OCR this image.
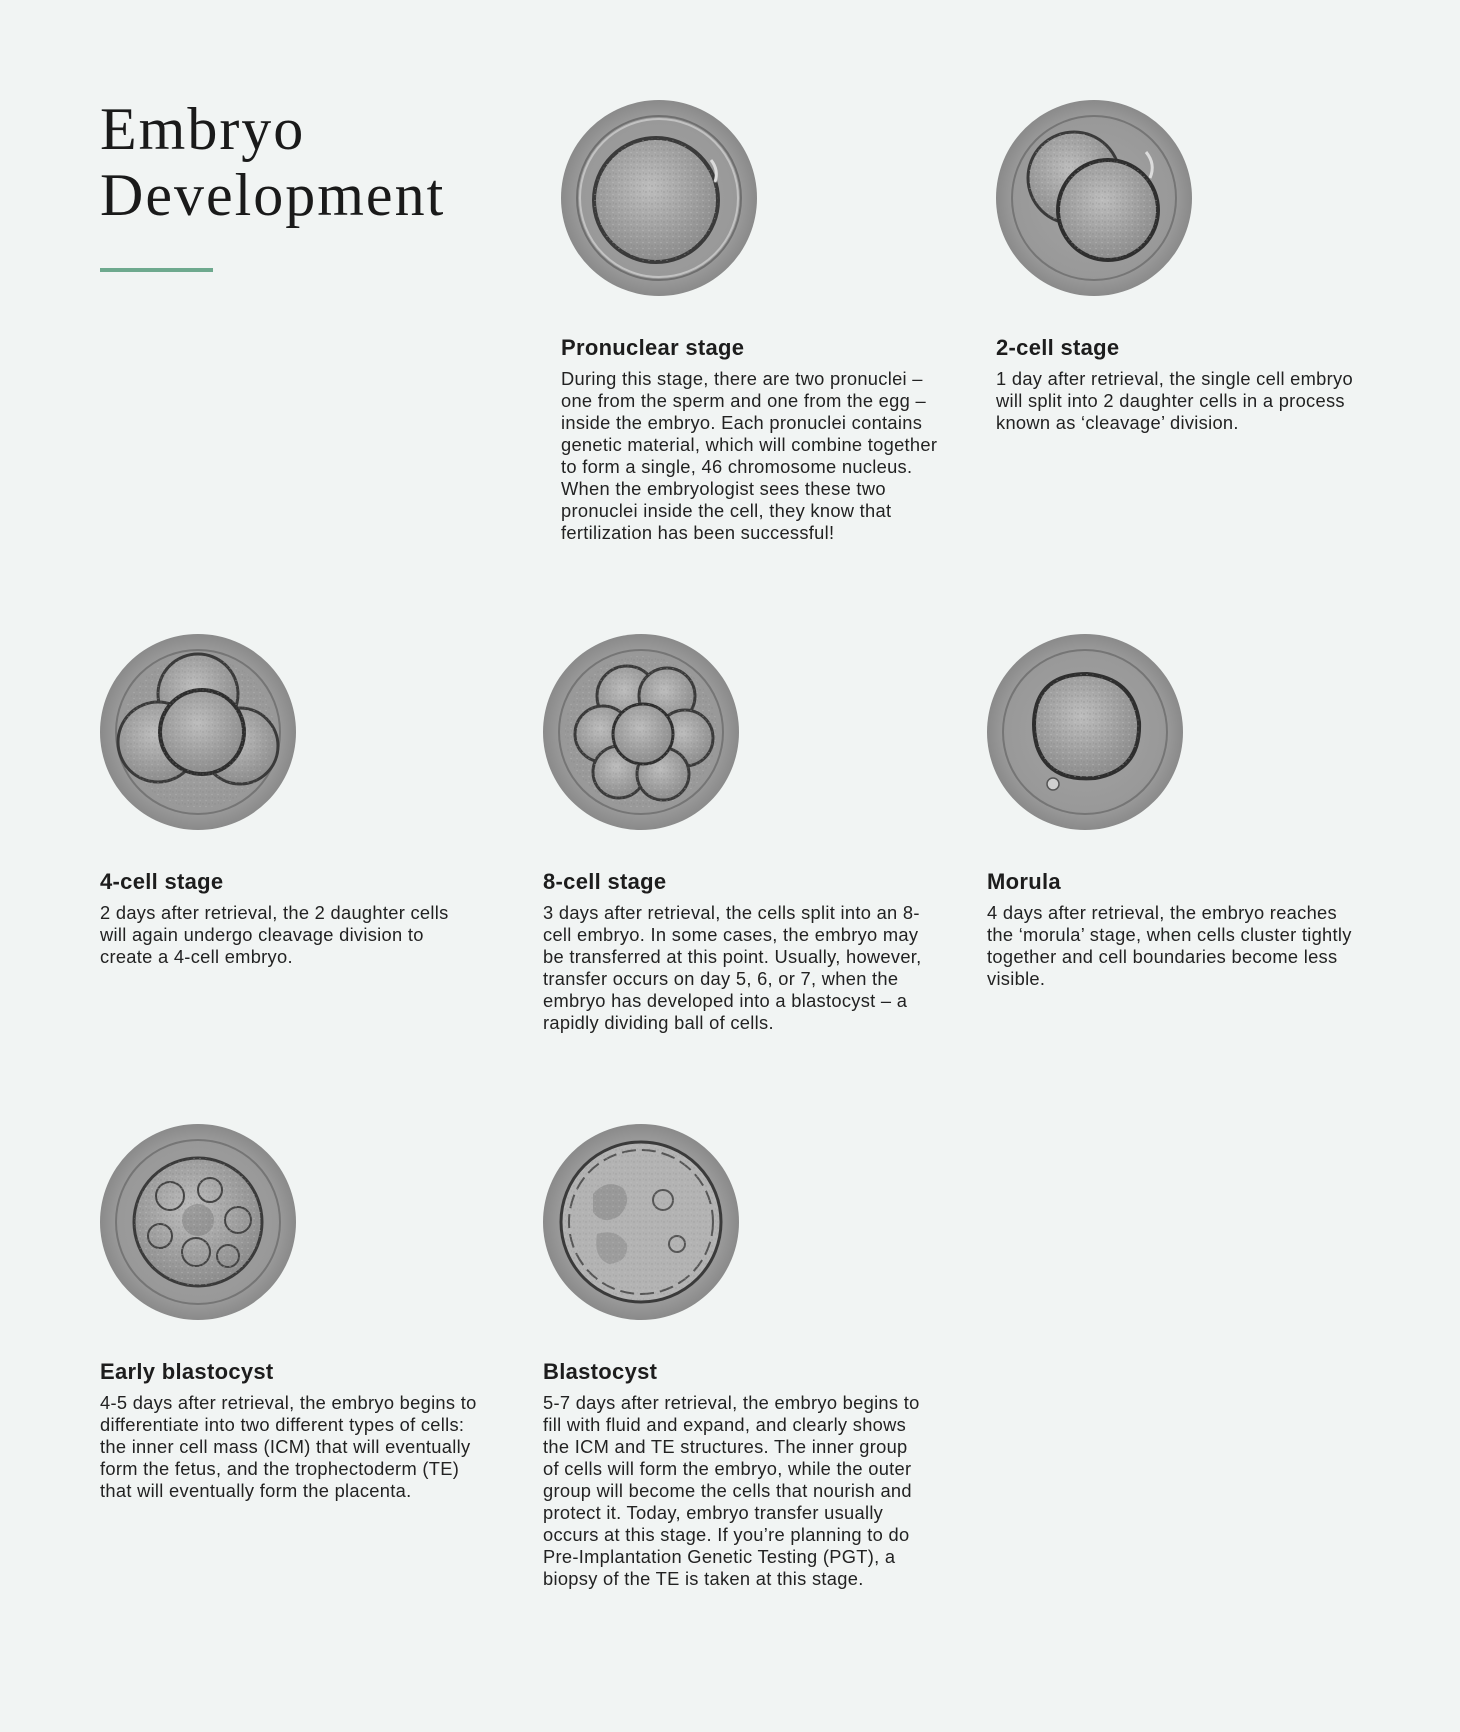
Embryo
Development
Pronuclear stage

During this stage, there are two pronuclei – one from the sperm and one from the egg – inside the embryo. Each pronuclei contains genetic material, which will combine together to form a single, 46 chromosome nucleus. When the embryologist sees these two pronuclei inside the cell, they know that fertilization has been successful!

2-cell stage

1 day after retrieval, the single cell embryo will split into 2 daughter cells in a process known as ‘cleavage’ division.

4-cell stage

2 days after retrieval, the 2 daughter cells will again undergo cleavage division to create a 4-cell embryo.

8-cell stage

3 days after retrieval, the cells split into an 8-cell embryo. In some cases, the embryo may be transferred at this point. Usually, however, transfer occurs on day 5, 6, or 7, when the embryo has developed into a blastocyst – a rapidly dividing ball of cells.

Morula

4 days after retrieval, the embryo reaches the ‘morula’ stage, when cells cluster tightly together and cell boundaries become less visible.

Early blastocyst

4-5 days after retrieval, the embryo begins to differentiate into two different types of cells: the inner cell mass (ICM) that will eventually form the fetus, and the trophectoderm (TE) that will eventually form the placenta.

Blastocyst

5-7 days after retrieval, the embryo begins to fill with fluid and expand, and clearly shows the ICM and TE structures. The inner group of cells will form the embryo, while the outer group will become the cells that nourish and protect it. Today, embryo transfer usually occurs at this stage. If you’re planning to do Pre-Implantation Genetic Testing (PGT), a biopsy of the TE is taken at this stage.
